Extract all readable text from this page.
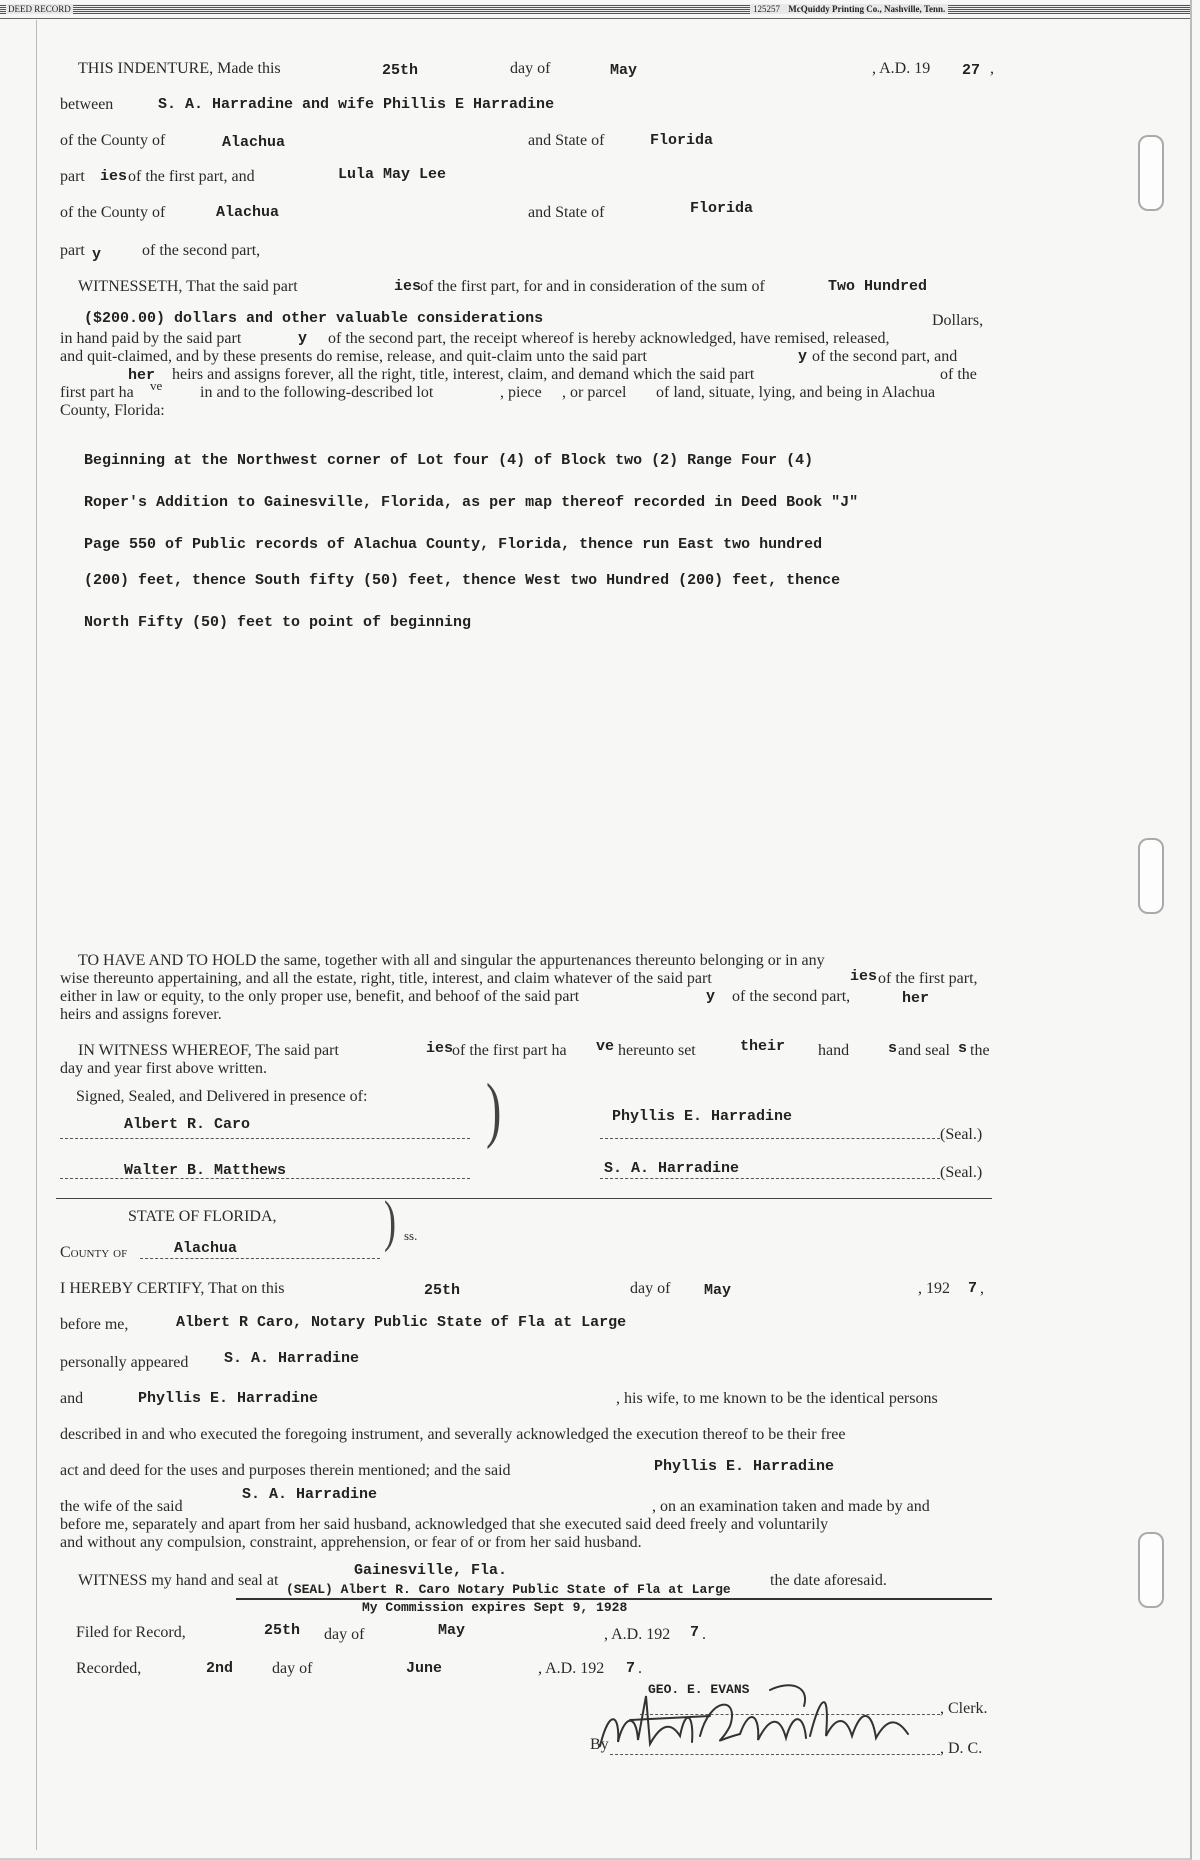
DEED RECORD	125257 McQuiddy Printing Co., Nashville, Tenn.
THIS INDENTURE, Made this	25th	day of	May	, A.D. 19 27 ,
between	S. A. Harradine and wife Phillis E Harradine
of the County of	Alachua	and State of	Florida
part ies of the first part, and	Lula May Lee
of the County of	Alachua	and State of	Florida
part y	of the second part,
WITNESSETH, That the said part	ies
of the first part, for and in consideration of the sum of	Two Hundred
($200.00) dollars and other valuable considerations	Dollars,
in hand paid by the said part	y of the second part, the receipt whereof is hereby acknowledged, have remised, released,
and quit-claimed, and by these presents do remise, release, and quit-claim unto the said part	y of the second part, and
her heirs and assigns forever, all the right, title, interest, claim, and demand which the said part	of the
first part ha ve in and to the following-described lot	, piece , or parcel of land, situate, lying, and being in Alachua
County, Florida:
Beginning at the Northwest corner of Lot four (4) of Block two (2) Range Four (4)
Roper's Addition to Gainesville, Florida, as per map thereof recorded in Deed Book "J"
Page 550 of Public records of Alachua County, Florida, thence run East two hundred
(200) feet, thence South fifty (50) feet, thence West two Hundred (200) feet, thence
North Fifty (50) feet to point of beginning
TO HAVE AND TO HOLD the same, together with all and singular the appurtenances thereunto belonging or in any
wise thereunto appertaining, and all the estate, right, title, interest, and claim whatever of the said part	ies of the first part,
either in law or equity, to the only proper use, benefit, and behoof of the said part	y of the second part,	her
heirs and assigns forever.
IN WITNESS WHEREOF, The said part	ies
of the first part ha ve hereunto set	their hand	s and seal s the
day and year first above written.
Signed, Sealed, and Delivered in presence of:
Albert R. Caro
Walter B. Matthews
)	Phyllis E. Harradine
(Seal.)
S. A. Harradine	(Seal.)
STATE OF FLORIDA,	) ss.
County of	Alachua
I HEREBY CERTIFY, That on this	25th	day of May	, 192 7 ,
before me,	Albert R Caro, Notary Public State of Fla at Large
personally appeared S. A. Harradine
and	Phyllis E. Harradine	, his wife, to me known to be the identical persons
described in and who executed the foregoing instrument, and severally acknowledged the execution thereof to be their free
act and deed for the uses and purposes therein mentioned; and the said	Phyllis E. Harradine
S. A. Harradine
the wife of the said	, on an examination taken and made by and
before me, separately and apart from her said husband, acknowledged that she executed said deed freely and voluntarily
and without any compulsion, constraint, apprehension, or fear of or from her said husband.
WITNESS my hand and seal at
Gainesville, Fla.
the date aforesaid.
(SEAL) Albert R. Caro Notary Public State of Fla at Large
My Commission expires Sept 9, 1928
Filed for Record,	25th day of	May	, A.D. 192 7 .
Recorded,	2nd day of	June	, A.D. 192 7 .
GEO. E. EVANS
, Clerk.
By	, D. C.
